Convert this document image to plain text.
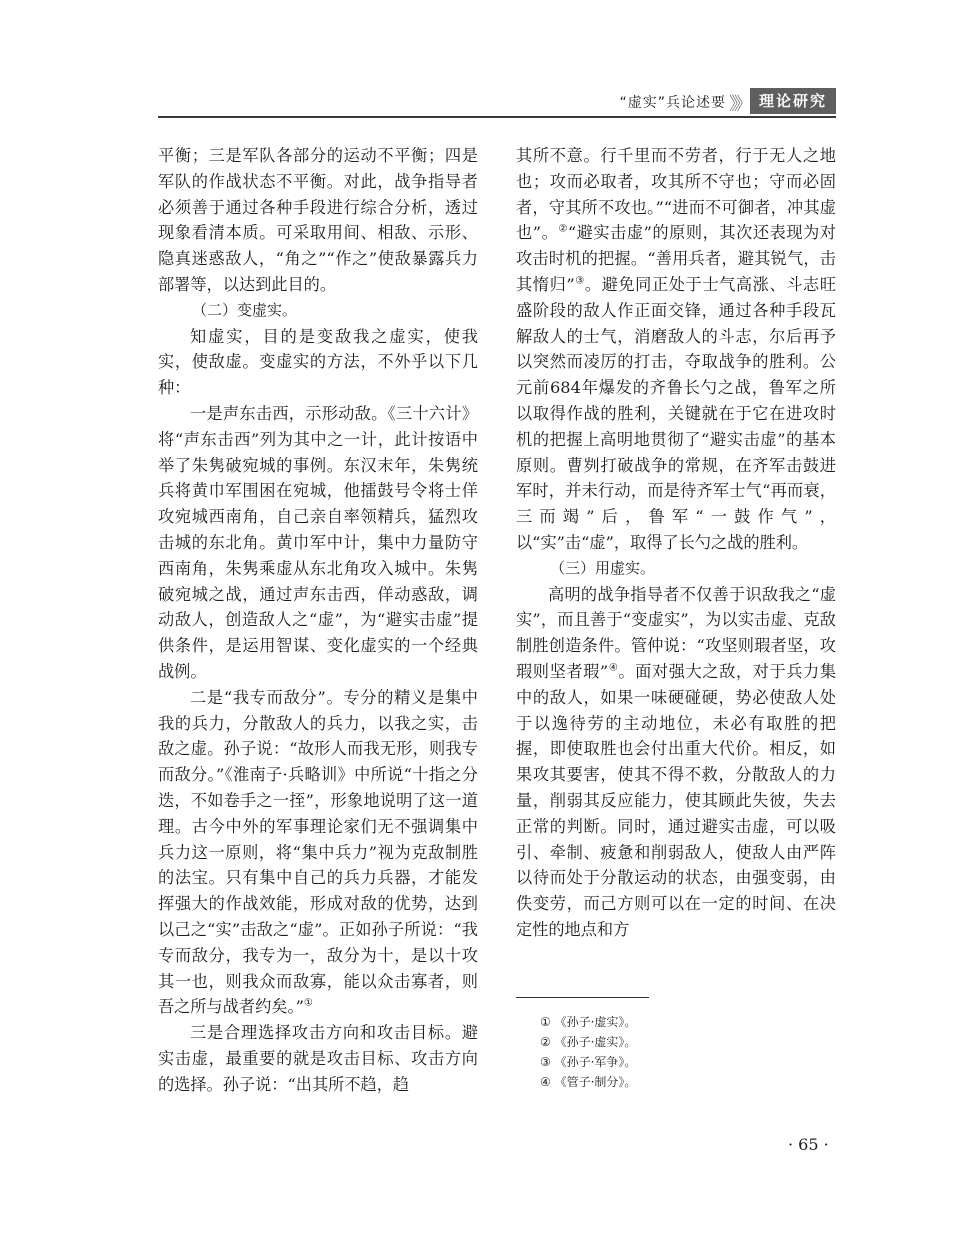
“虚实”兵论述要 》》 理论研究

平衡；三是军队各部分的运动不平衡；四是军队的作战状态不平衡。对此，战争指导者必须善于通过各种手段进行综合分析，透过现象看清本质。可采取用间、相敌、示形、隐真迷惑敌人，“角之”“作之”使敌暴露兵力部署等，以达到此目的。

（二）变虚实。

知虚实，目的是变敌我之虚实，使我实，使敌虚。变虚实的方法，不外乎以下几种：

一是声东击西，示形动敌。《三十六计》将“声东击西”列为其中之一计，此计按语中举了朱隽破宛城的事例。东汉末年，朱隽统兵将黄巾军围困在宛城，他擂鼓号令将士佯攻宛城西南角，自己亲自率领精兵，猛烈攻击城的东北角。黄巾军中计，集中力量防守西南角，朱隽乘虚从东北角攻入城中。朱隽破宛城之战，通过声东击西，佯动惑敌，调动敌人，创造敌人之“虚”，为“避实击虚”提供条件，是运用智谋、变化虚实的一个经典战例。

二是“我专而敌分”。专分的精义是集中我的兵力，分散敌人的兵力，以我之实，击敌之虚。孙子说：“故形人而我无形，则我专而敌分。”《淮南子·兵略训》中所说“十指之分迭，不如卷手之一挃”，形象地说明了这一道理。古今中外的军事理论家们无不强调集中兵力这一原则，将“集中兵力”视为克敌制胜的法宝。只有集中自己的兵力兵器，才能发挥强大的作战效能，形成对敌的优势，达到以己之“实”击敌之“虚”。正如孙子所说：“我专而敌分，我专为一，敌分为十，是以十攻其一也，则我众而敌寡，能以众击寡者，则吾之所与战者约矣。”①

三是合理选择攻击方向和攻击目标。避实击虚，最重要的就是攻击目标、攻击方向的选择。孙子说：“出其所不趋，趋

其所不意。行千里而不劳者，行于无人之地也；攻而必取者，攻其所不守也；守而必固者，守其所不攻也。”“进而不可御者，冲其虚也”。②“避实击虚”的原则，其次还表现为对攻击时机的把握。“善用兵者，避其锐气，击其惰归”③。避免同正处于士气高涨、斗志旺盛阶段的敌人作正面交锋，通过各种手段瓦解敌人的士气，消磨敌人的斗志，尔后再予以突然而凌厉的打击，夺取战争的胜利。公元前684年爆发的齐鲁长勺之战，鲁军之所以取得作战的胜利，关键就在于它在进攻时机的把握上高明地贯彻了“避实击虚”的基本原则。曹刿打破战争的常规，在齐军击鼓进军时，并未行动，而是待齐军士气“再而衰，三而竭”后，鲁军“一鼓作气”，以“实”击“虚”，取得了长勺之战的胜利。

（三）用虚实。

高明的战争指导者不仅善于识敌我之“虚实”，而且善于“变虚实”，为以实击虚、克敌制胜创造条件。管仲说：“攻坚则瑕者坚，攻瑕则坚者瑕”④。面对强大之敌，对于兵力集中的敌人，如果一味硬碰硬，势必使敌人处于以逸待劳的主动地位，未必有取胜的把握，即使取胜也会付出重大代价。相反，如果攻其要害，使其不得不救，分散敌人的力量，削弱其反应能力，使其顾此失彼，失去正常的判断。同时，通过避实击虚，可以吸引、牵制、疲惫和削弱敌人，使敌人由严阵以待而处于分散运动的状态，由强变弱，由佚变劳，而己方则可以在一定的时间、在决定性的地点和方

① 《孙子·虚实》。
② 《孙子·虚实》。
③ 《孙子·军争》。
④ 《管子·制分》。
· 65 ·
